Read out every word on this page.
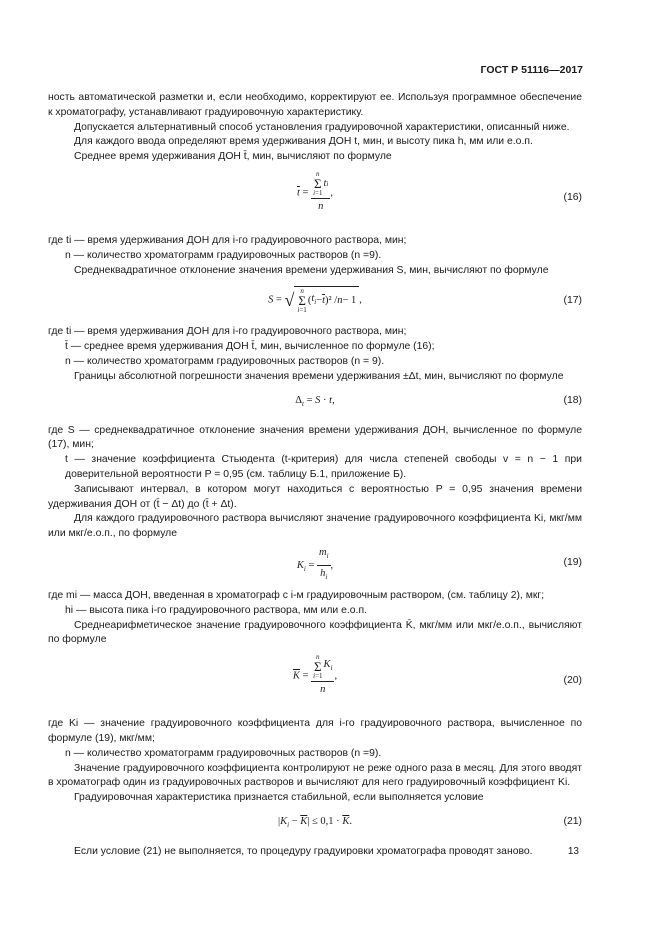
ГОСТ Р 51116—2017

ность автоматической разметки и, если необходимо, корректируют ее. Используя программное обеспечение к хроматографу, устанавливают градуировочную характеристику.

Допускается альтернативный способ установления градуировочной характеристики, описанный ниже.

Для каждого ввода определяют время удерживания ДОН t, мин, и высоту пика h, мм или е.о.п.

Среднее время удерживания ДОН t̄, мин, вычисляют по формуле

$\overline{t} = n$
Σ
i=1
t i
n ,	(16)

где ti — время удерживания ДОН для i-го градуировочного раствора, мин;

n — количество хроматограмм градуировочных растворов (n =9).

Среднеквадратичное отклонение значения времени удерживания S, мин, вычисляют по формуле

S = √ n
Σ
i=1
( $t_i - \overline{t}$ )² / n − 1 ,	(17)

где ti — время удерживания ДОН для i-го градуировочного раствора, мин;

t̄ — среднее время удерживания ДОН t̄, мин, вычисленное по формуле (16);

n — количество хроматограмм градуировочных растворов (n = 9).

Границы абсолютной погрешности значения времени удерживания ±Δt, мин, вычисляют по формуле

$\Delta_t = S \cdot t$,	(18)

где S — среднеквадратичное отклонение значения времени удерживания ДОН, вычисленное по формуле (17), мин;

t — значение коэффициента Стьюдента (t-критерия) для числа степеней свободы v = n − 1 при доверительной вероятности P = 0,95 (см. таблицу Б.1, приложение Б).

Записывают интервал, в котором могут находиться с вероятностью P = 0,95 значения времени удерживания ДОН от (t̄ − Δt) до (t̄ + Δt).

Для каждого градуировочного раствора вычисляют значение градуировочного коэффициента Ki, мкг/мм или мкг/е.о.п., по формуле

$K_i = \frac{m_i}{h_i}$ ,	(19)

где mi — масса ДОН, введенная в хроматограф с i-м градуировочным раствором, (см. таблицу 2), мкг;

hi — высота пика i-го градуировочного раствора, мм или е.о.п.

Среднеарифметическое значение градуировочного коэффициента K̄, мкг/мм или мкг/е.о.п., вычисляют по формуле

$\overline{K} = n$
Σ
i=1
$K_i$
n ,	(20)

где Ki — значение градуировочного коэффициента для i-го градуировочного раствора, вычисленное по формуле (19), мкг/мм;

n — количество хроматограмм градуировочных растворов (n =9).

Значение градуировочного коэффициента контролируют не реже одного раза в месяц. Для этого вводят в хроматограф один из градуировочных растворов и вычисляют для него градуировочный коэффициент Ki.

Градуировочная характеристика признается стабильной, если выполняется условие

$|K_i - \overline{K}| \le 0,1 \cdot \overline{K}$.	(21)

Если условие (21) не выполняется, то процедуру градуировки хроматографа проводят заново.	13
